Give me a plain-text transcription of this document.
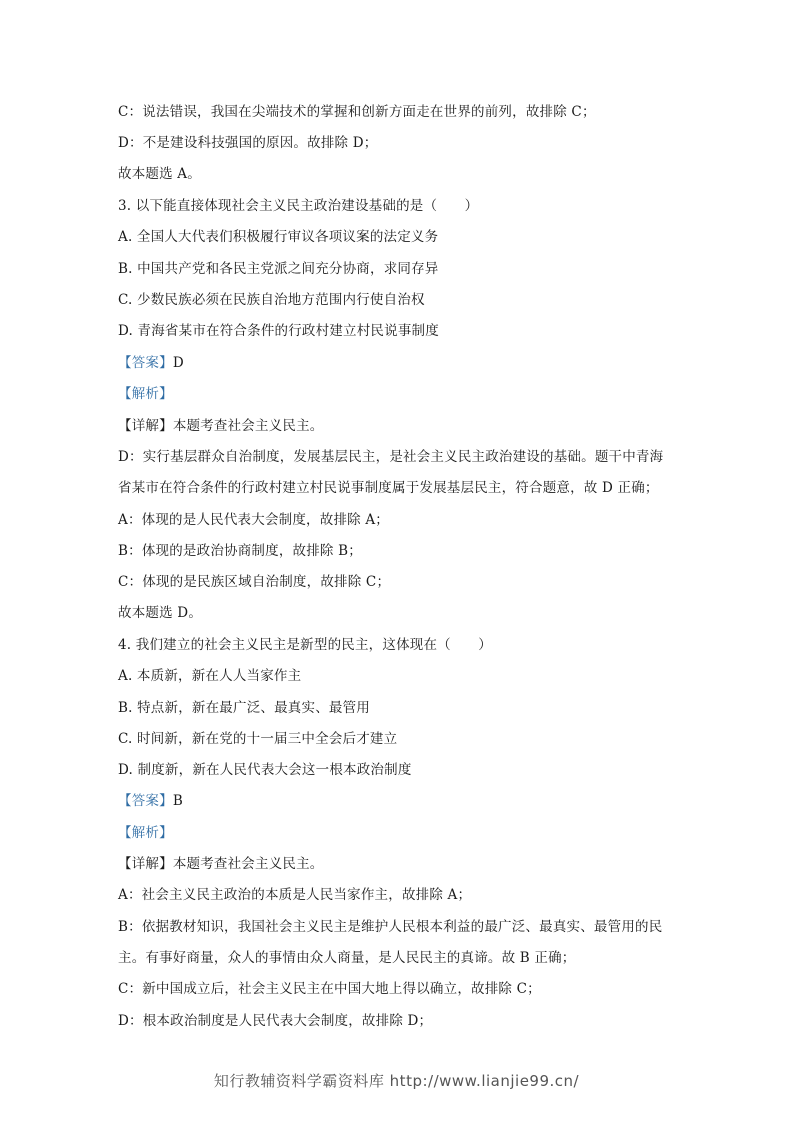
C：说法错误，我国在尖端技术的掌握和创新方面走在世界的前列，故排除 C；
D：不是建设科技强国的原因。故排除 D；
故本题选 A。
3. 以下能直接体现社会主义民主政治建设基础的是（　　）
A. 全国人大代表们积极履行审议各项议案的法定义务
B. 中国共产党和各民主党派之间充分协商，求同存异
C. 少数民族必须在民族自治地方范围内行使自治权
D. 青海省某市在符合条件的行政村建立村民说事制度
【答案】D
【解析】
【详解】本题考查社会主义民主。
D：实行基层群众自治制度，发展基层民主，是社会主义民主政治建设的基础。题干中青海
省某市在符合条件的行政村建立村民说事制度属于发展基层民主，符合题意，故 D 正确；
A：体现的是人民代表大会制度，故排除 A；
B：体现的是政治协商制度，故排除 B；
C：体现的是民族区域自治制度，故排除 C；
故本题选 D。
4. 我们建立的社会主义民主是新型的民主，这体现在（　　）
A. 本质新，新在人人当家作主
B. 特点新，新在最广泛、最真实、最管用
C. 时间新，新在党的十一届三中全会后才建立
D. 制度新，新在人民代表大会这一根本政治制度
【答案】B
【解析】
【详解】本题考查社会主义民主。
A：社会主义民主政治的本质是人民当家作主，故排除 A；
B：依据教材知识，我国社会主义民主是维护人民根本利益的最广泛、最真实、最管用的民
主。有事好商量，众人的事情由众人商量，是人民民主的真谛。故 B 正确；
C：新中国成立后，社会主义民主在中国大地上得以确立，故排除 C；
D：根本政治制度是人民代表大会制度，故排除 D；
知行教辅资料学霸资料库 http://www.lianjie99.cn/
